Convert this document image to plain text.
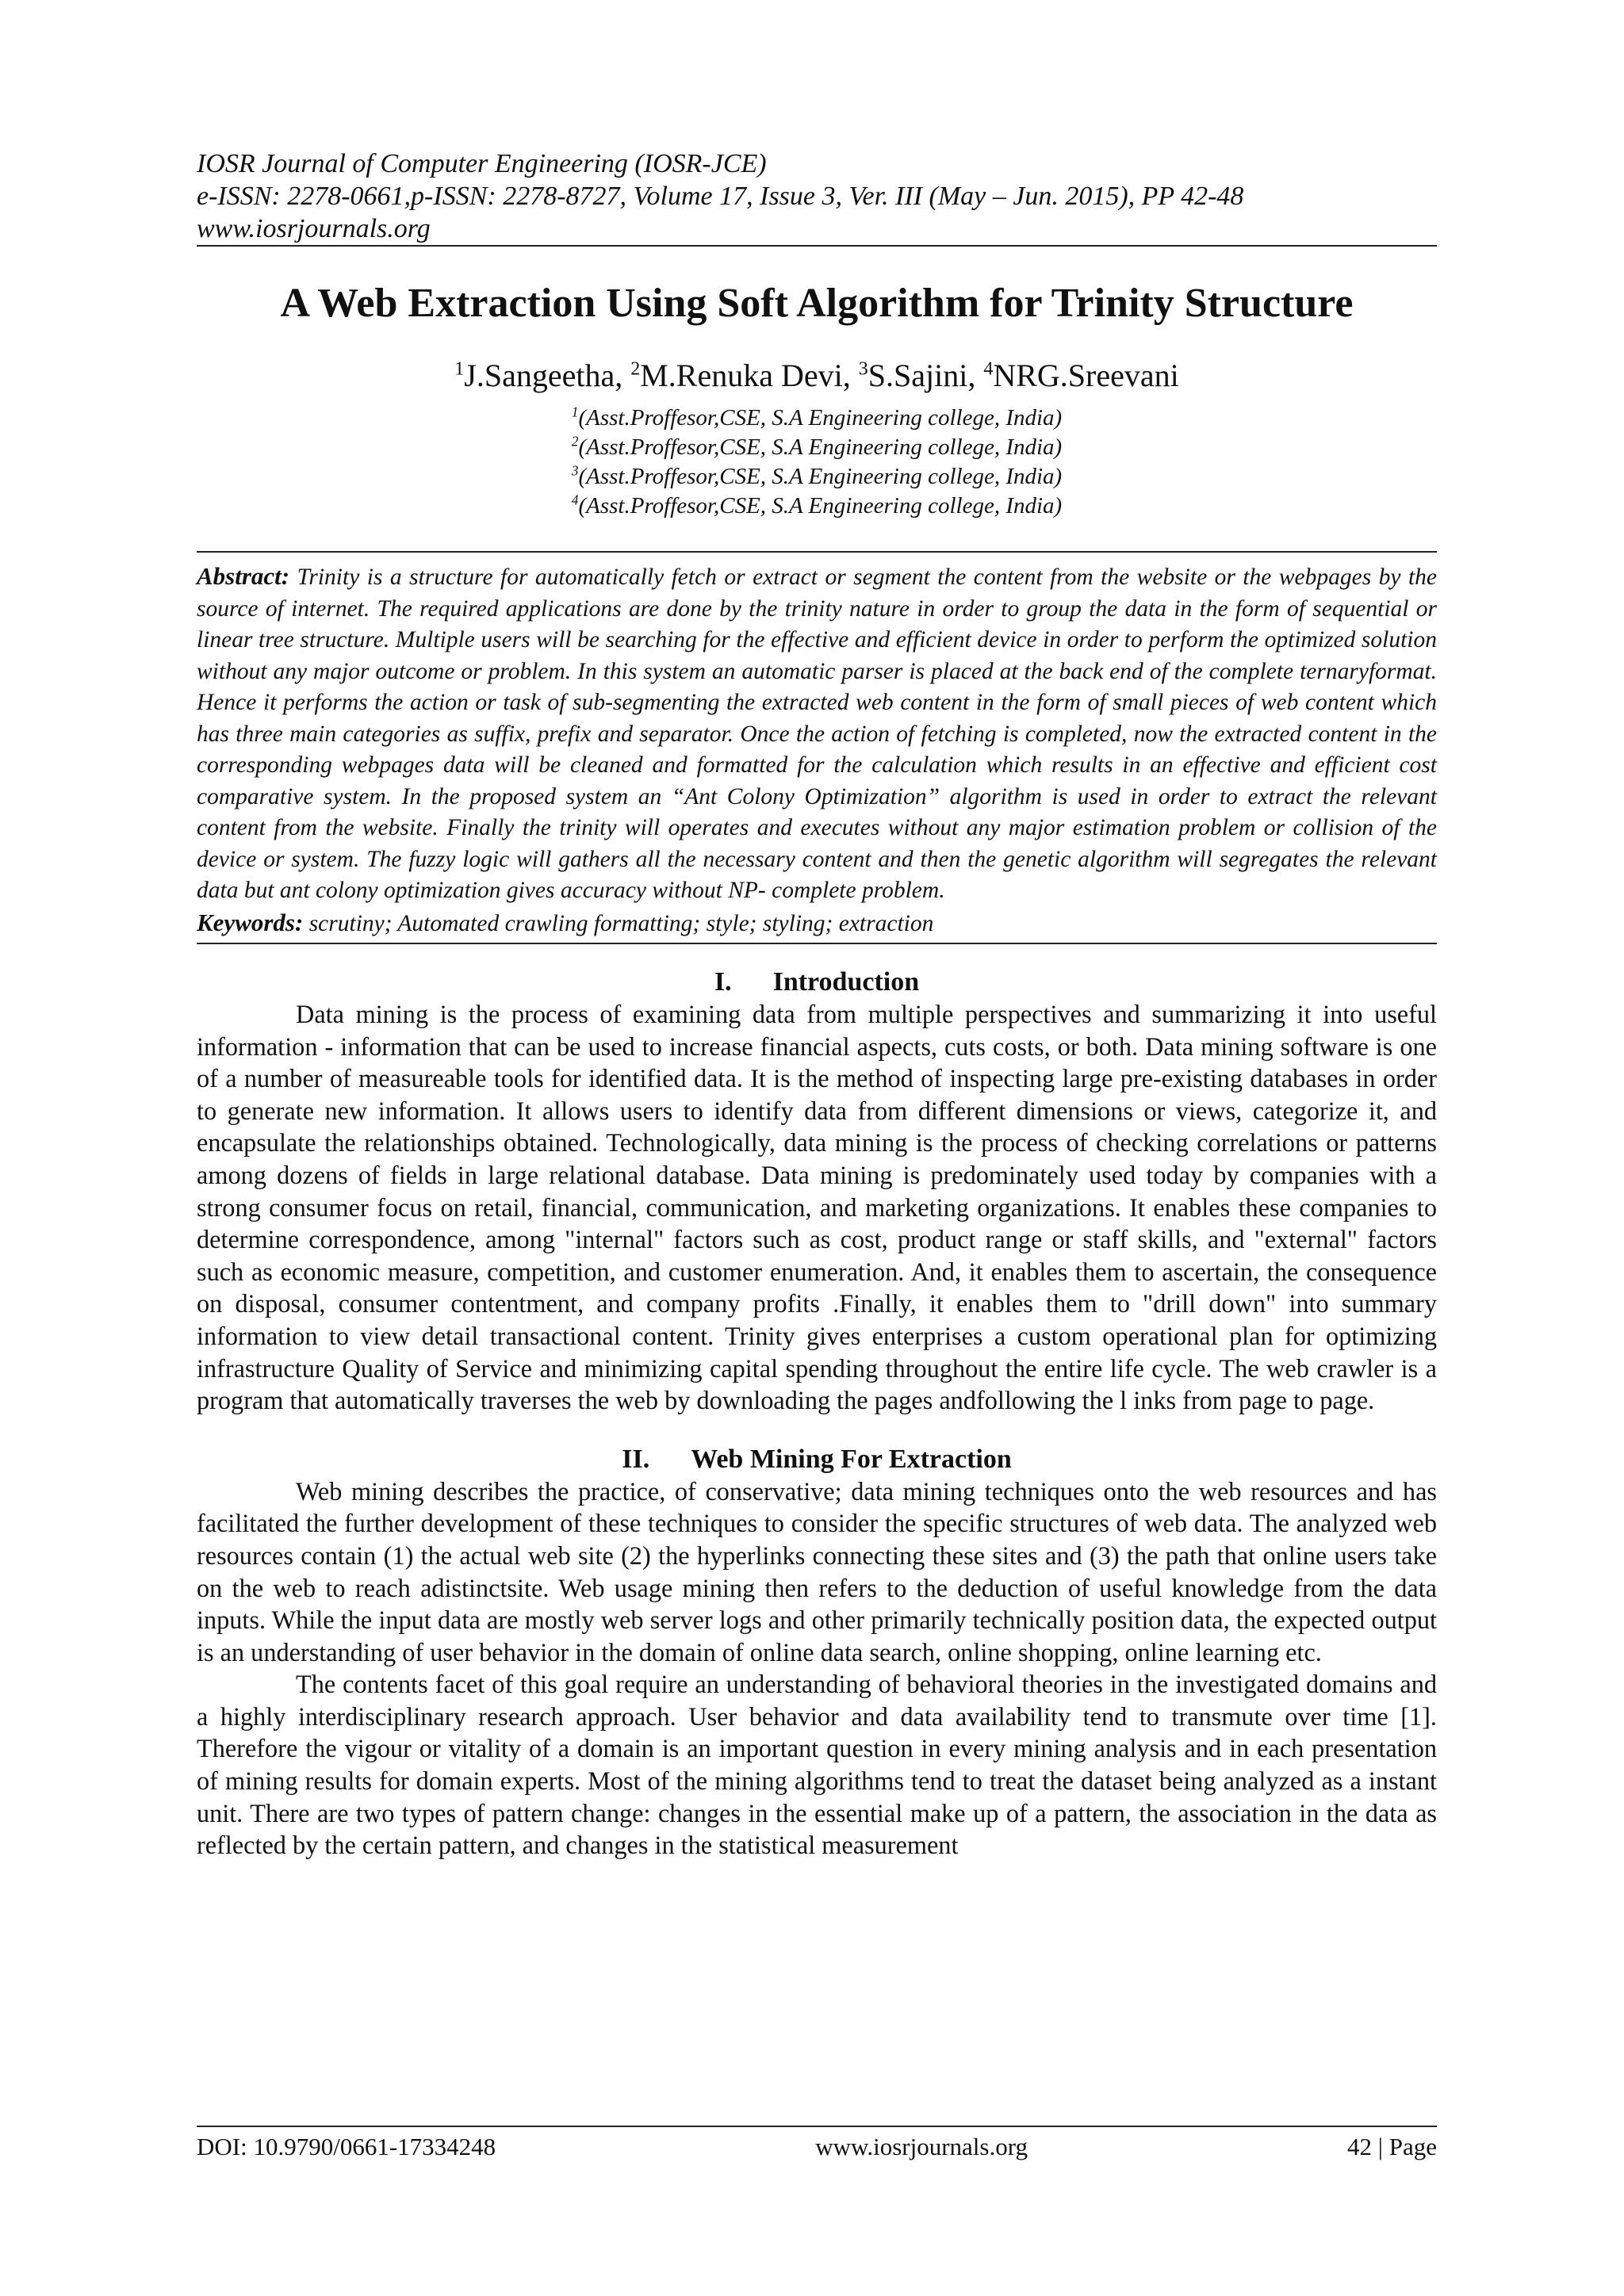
IOSR Journal of Computer Engineering (IOSR-JCE)
e-ISSN: 2278-0661,p-ISSN: 2278-8727, Volume 17, Issue 3, Ver. III (May – Jun. 2015), PP 42-48
www.iosrjournals.org
A Web Extraction Using Soft Algorithm for Trinity Structure
$^1$J.Sangeetha, $^2$M.Renuka Devi, $^3$S.Sajini, $^4$NRG.Sreevani
$^1$(Asst.Proffesor,CSE, S.A Engineering college, India)
$^2$(Asst.Proffesor,CSE, S.A Engineering college, India)
$^3$(Asst.Proffesor,CSE, S.A Engineering college, India)
$^4$(Asst.Proffesor,CSE, S.A Engineering college, India)

Abstract: Trinity is a structure for automatically fetch or extract or segment the content from the website or the webpages by the source of internet. The required applications are done by the trinity nature in order to group the data in the form of sequential or linear tree structure. Multiple users will be searching for the effective and efficient device in order to perform the optimized solution without any major outcome or problem. In this system an automatic parser is placed at the back end of the complete ternaryformat. Hence it performs the action or task of sub-segmenting the extracted web content in the form of small pieces of web content which has three main categories as suffix, prefix and separator. Once the action of fetching is completed, now the extracted content in the corresponding webpages data will be cleaned and formatted for the calculation which results in an effective and efficient cost comparative system. In the proposed system an “Ant Colony Optimization” algorithm is used in order to extract the relevant content from the website. Finally the trinity will operates and executes without any major estimation problem or collision of the device or system. The fuzzy logic will gathers all the necessary content and then the genetic algorithm will segregates the relevant data but ant colony optimization gives accuracy without NP- complete problem.

Keywords: scrutiny; Automated crawling formatting; style; styling; extraction

I. Introduction

Data mining is the process of examining data from multiple perspectives and summarizing it into useful information - information that can be used to increase financial aspects, cuts costs, or both. Data mining software is one of a number of measureable tools for identified data. It is the method of inspecting large pre-existing databases in order to generate new information. It allows users to identify data from different dimensions or views, categorize it, and encapsulate the relationships obtained. Technologically, data mining is the process of checking correlations or patterns among dozens of fields in large relational database. Data mining is predominately used today by companies with a strong consumer focus on retail, financial, communication, and marketing organizations. It enables these companies to determine correspondence, among "internal" factors such as cost, product range or staff skills, and "external" factors such as economic measure, competition, and customer enumeration. And, it enables them to ascertain, the consequence on disposal, consumer contentment, and company profits .Finally, it enables them to "drill down" into summary information to view detail transactional content. Trinity gives enterprises a custom operational plan for optimizing infrastructure Quality of Service and minimizing capital spending throughout the entire life cycle. The web crawler is a program that automatically traverses the web by downloading the pages andfollowing the l inks from page to page.

II. Web Mining For Extraction

Web mining describes the practice, of conservative; data mining techniques onto the web resources and has facilitated the further development of these techniques to consider the specific structures of web data. The analyzed web resources contain (1) the actual web site (2) the hyperlinks connecting these sites and (3) the path that online users take on the web to reach adistinctsite. Web usage mining then refers to the deduction of useful knowledge from the data inputs. While the input data are mostly web server logs and other primarily technically position data, the expected output is an understanding of user behavior in the domain of online data search, online shopping, online learning etc.

The contents facet of this goal require an understanding of behavioral theories in the investigated domains and a highly interdisciplinary research approach. User behavior and data availability tend to transmute over time [1]. Therefore the vigour or vitality of a domain is an important question in every mining analysis and in each presentation of mining results for domain experts. Most of the mining algorithms tend to treat the dataset being analyzed as a instant unit. There are two types of pattern change: changes in the essential make up of a pattern, the association in the data as reflected by the certain pattern, and changes in the statistical measurement

DOI: 10.9790/0661-17334248	www.iosrjournals.org	42 | Page
